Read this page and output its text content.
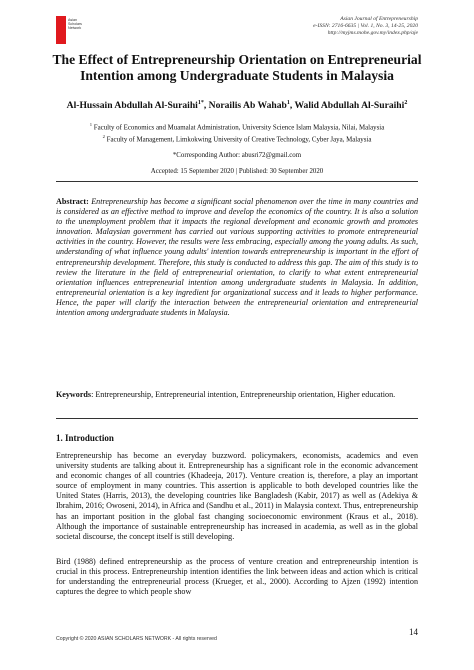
Asian Scholars Network
Asian Journal of Entrepreneurship
e-ISSN: 2716-6635 | Vol. 1, No. 3, 14-25, 2020
http://myjms.mohe.gov.my/index.php/aje
The Effect of Entrepreneurship Orientation on Entrepreneurial Intention among Undergraduate Students in Malaysia
Al-Hussain Abdullah Al-Suraihi$^{1*}$, Norailis Ab Wahab$^1$, Walid Abdullah Al-Suraihi$^2$
$^1$ Faculty of Economics and Muamalat Administration, University Science Islam Malaysia, Nilai, Malaysia
$^2$ Faculty of Management, Limkokwing University of Creative Technology, Cyber Jaya, Malaysia
*Corresponding Author: abusri72@gmail.com
Accepted: 15 September 2020 | Published: 30 September 2020
Abstract: Entrepreneurship has become a significant social phenomenon over the time in many countries and is considered as an effective method to improve and develop the economics of the country. It is also a solution to the unemployment problem that it impacts the regional development and economic growth and promotes innovation. Malaysian government has carried out various supporting activities to promote entrepreneurial activities in the country. However, the results were less embracing, especially among the young adults. As such, understanding of what influence young adults' intention towards entrepreneurship is important in the effort of entrepreneurship development. Therefore, this study is conducted to address this gap. The aim of this study is to review the literature in the field of entrepreneurial orientation, to clarify to what extent entrepreneurial orientation influences entrepreneurial intention among undergraduate students in Malaysia. In addition, entrepreneurial orientation is a key ingredient for organizational success and it leads to higher performance. Hence, the paper will clarify the interaction between the entrepreneurial orientation and entrepreneurial intention among undergraduate students in Malaysia.
Keywords: Entrepreneurship, Entrepreneurial intention, Entrepreneurship orientation, Higher education.
1. Introduction
Entrepreneurship has become an everyday buzzword. policymakers, economists, academics and even university students are talking about it. Entrepreneurship has a significant role in the economic advancement and economic changes of all countries (Khadeeja, 2017). Venture creation is, therefore, a play an important source of employment in many countries. This assertion is applicable to both developed countries like the United States (Harris, 2013), the developing countries like Bangladesh (Kabir, 2017) as well as (Adekiya & Ibrahim, 2016; Owoseni, 2014), in Africa and (Sandhu et al., 2011) in Malaysia context. Thus, entrepreneurship has an important position in the global fast changing socioeconomic environment (Kraus et al., 2018). Although the importance of sustainable entrepreneurship has increased in academia, as well as in the global societal discourse, the concept itself is still developing.
Bird (1988) defined entrepreneurship as the process of venture creation and entrepreneurship intention is crucial in this process. Entrepreneurship intention identifies the link between ideas and action which is critical for understanding the entrepreneurial process (Krueger, et al., 2000). According to Ajzen (1992) intention captures the degree to which people show
14
Copyright © 2020 ASIAN SCHOLARS NETWORK - All rights reserved
